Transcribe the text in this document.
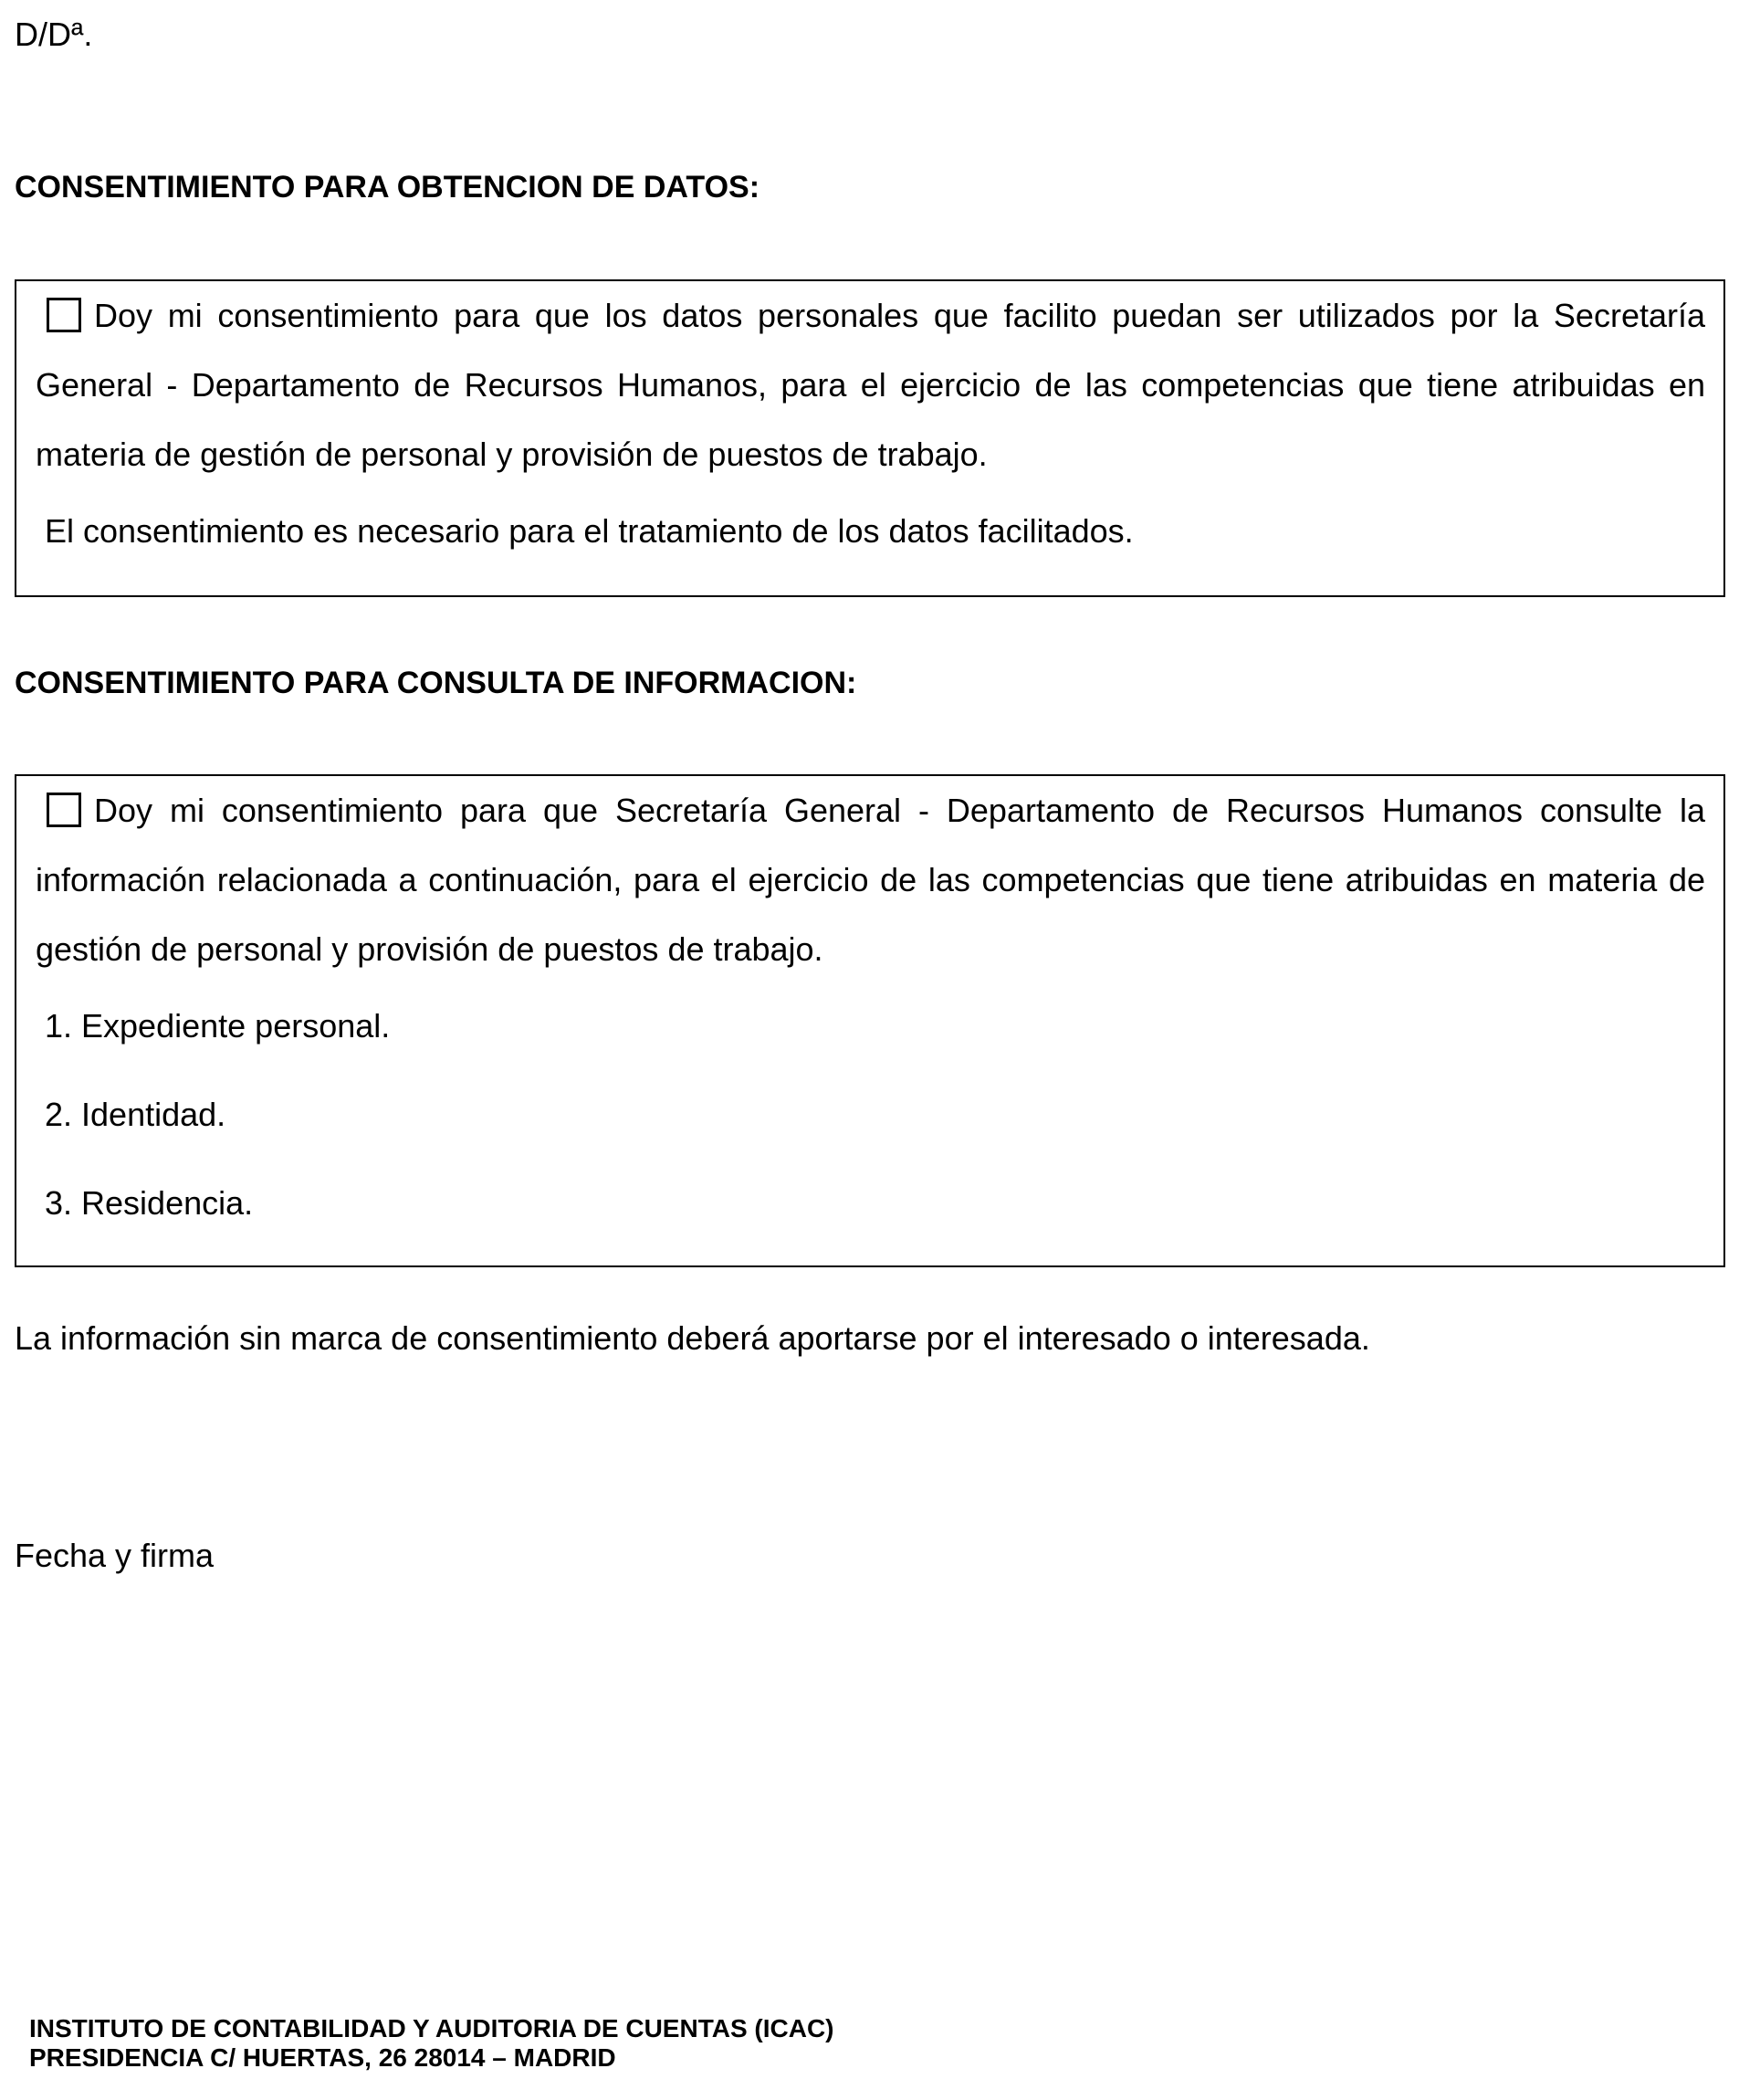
D/Dª.
CONSENTIMIENTO PARA OBTENCION DE DATOS:
Doy mi consentimiento para que los datos personales que facilito puedan ser utilizados por la Secretaría General - Departamento de Recursos Humanos, para el ejercicio de las competencias que tiene atribuidas en materia de gestión de personal y provisión de puestos de trabajo.
El consentimiento es necesario para el tratamiento de los datos facilitados.
CONSENTIMIENTO PARA CONSULTA DE INFORMACION:
Doy mi consentimiento para que Secretaría General - Departamento de Recursos Humanos consulte la información relacionada a continuación, para el ejercicio de las competencias que tiene atribuidas en materia de gestión de personal y provisión de puestos de trabajo.
1. Expediente personal.
2. Identidad.
3. Residencia.
La información sin marca de consentimiento deberá aportarse por el interesado o interesada.
Fecha y firma
INSTITUTO DE CONTABILIDAD Y AUDITORIA DE CUENTAS (ICAC)
PRESIDENCIA C/ HUERTAS, 26 28014 – MADRID
